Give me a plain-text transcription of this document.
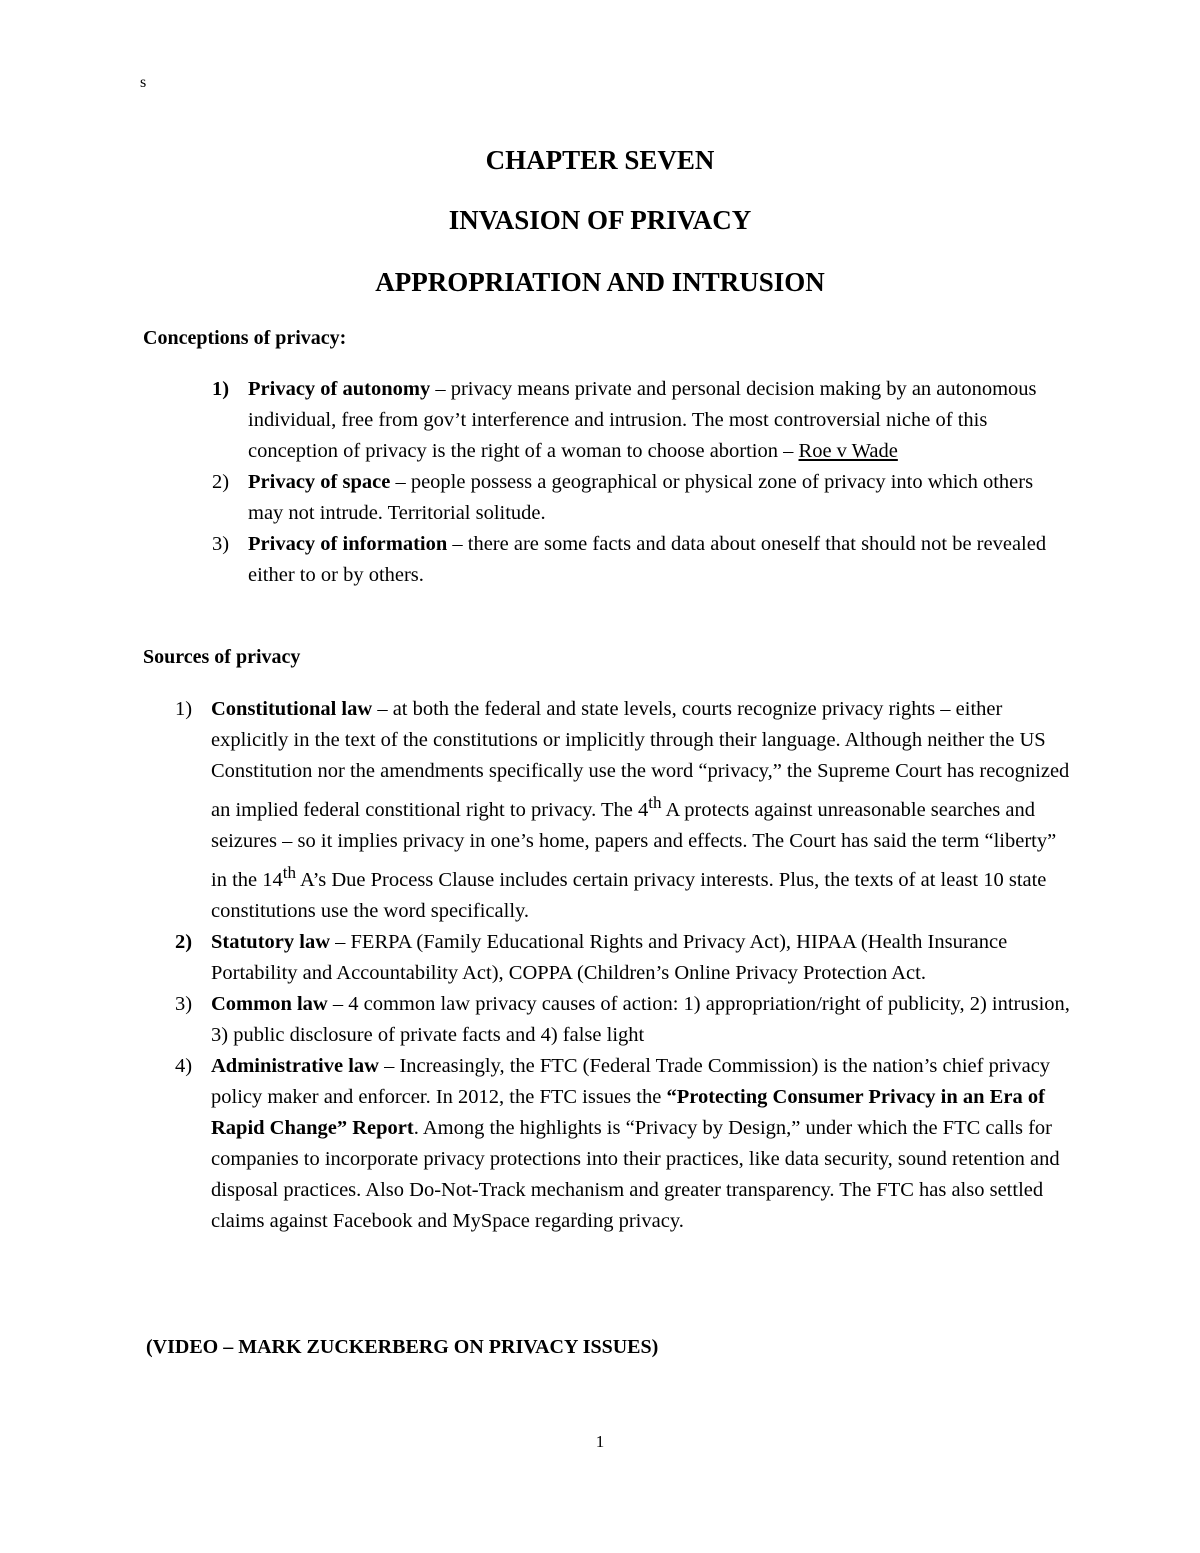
s
CHAPTER SEVEN
INVASION OF PRIVACY
APPROPRIATION AND INTRUSION
Conceptions of privacy:
1) Privacy of autonomy – privacy means private and personal decision making by an autonomous individual, free from gov’t interference and intrusion. The most controversial niche of this conception of privacy is the right of a woman to choose abortion – Roe v Wade
2) Privacy of space – people possess a geographical or physical zone of privacy into which others may not intrude. Territorial solitude.
3) Privacy of information – there are some facts and data about oneself that should not be revealed either to or by others.
Sources of privacy
1) Constitutional law – at both the federal and state levels, courts recognize privacy rights – either explicitly in the text of the constitutions or implicitly through their language. Although neither the US Constitution nor the amendments specifically use the word “privacy,” the Supreme Court has recognized an implied federal constitional right to privacy. The 4th A protects against unreasonable searches and seizures – so it implies privacy in one’s home, papers and effects. The Court has said the term “liberty” in the 14th A’s Due Process Clause includes certain privacy interests. Plus, the texts of at least 10 state constitutions use the word specifically.
2) Statutory law – FERPA (Family Educational Rights and Privacy Act), HIPAA (Health Insurance Portability and Accountability Act), COPPA (Children’s Online Privacy Protection Act.
3) Common law – 4 common law privacy causes of action: 1) appropriation/right of publicity, 2) intrusion, 3) public disclosure of private facts and 4) false light
4) Administrative law – Increasingly, the FTC (Federal Trade Commission) is the nation’s chief privacy policy maker and enforcer. In 2012, the FTC issues the “Protecting Consumer Privacy in an Era of Rapid Change” Report. Among the highlights is “Privacy by Design,” under which the FTC calls for companies to incorporate privacy protections into their practices, like data security, sound retention and disposal practices. Also Do-Not-Track mechanism and greater transparency. The FTC has also settled claims against Facebook and MySpace regarding privacy.
(VIDEO – MARK ZUCKERBERG ON PRIVACY ISSUES)
1
